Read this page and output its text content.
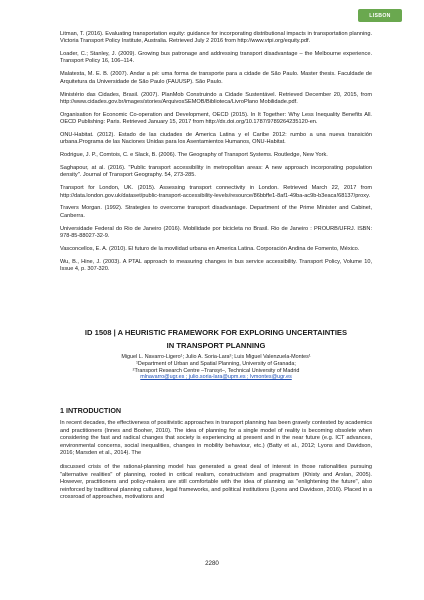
LISBON

Litman, T. (2016). Evaluating transportation equity: guidance for incorporating distributional impacts in transportation planning. Victoria Transport Policy Institute, Australia. Retrieved July 2 2016 from http://www.vtpi.org/equity.pdf.

Loader, C.; Stanley, J. (2009). Growing bus patronage and addressing transport disadvantage – the Melbourne experience. Transport Policy 16, 106–114.

Malatesta, M. E. B. (2007). Andar a pé: uma forma de transporte para a cidade de São Paulo. Master thesis. Faculdade de Arquitetura da Universidade de São Paulo (FAUUSP). São Paulo.

Ministério das Cidades, Brasil. (2007). PlanMob Construindo a Cidade Sustentável. Retrieved December 20, 2015, from http://www.cidades.gov.br/images/stories/ArquivosSEMOB/Biblioteca/LivroPlano Mobilidade.pdf.

Organisation for Economic Co-operation and Development, OECD (2015). In It Together: Why Less Inequality Benefits All. OECD Publishing: Paris. Retrieved January 15, 2017 from http://dx.doi.org/10.1787/9789264235120-en.

ONU-Habitat. (2012). Estado de las ciudades de America Latina y el Caribe 2012: rumbo a una nueva transición urbana.Programa de las Naciones Unidas para los Asentamientos Humanos, ONU-Habitat.

Rodrigue, J. P., Comtois, C. e Slack, B. (2006). The Geography of Transport Systems. Routledge, New York.

Saghapour, at al. (2016). "Public transport accessibility in metropolitan areas: A new approach incorporating population density". Journal of Transport Geography. 54, 273-285.

Transport for London, UK. (2015). Assessing transport connectivity in London. Retrieved March 22, 2017 from http://data.london.gov.uk/dataset/public-transport-accessibility-levels/resource/86bbffe1-8af1-49ba-ac9b-b3eaca!68137/proxy.

Travers Morgan. (1992). Strategies to overcome transport disadvantage. Department of the Prime Minister and Cabinet, Canberra.

Universidade Federal do Rio de Janeiro (2016). Mobilidade por bicicleta no Brasil. Rio de Janeiro : PROURB/UFRJ. ISBN: 978-85-88027-32-9.

Vasconcellos, E. A. (2010). El futuro de la movilidad urbana en America Latina. Corporación Andina de Fomento, México.

Wu, B., Hine, J. (2003). A PTAL approach to measuring changes in bus service accessibility. Transport Policy, Volume 10, Issue 4, p. 307-320.

ID 1508 | A HEURISTIC FRAMEWORK FOR EXPLORING UNCERTAINTIES
IN TRANSPORT PLANNING
Miguel L. Navarro-Ligero¹; Julio A. Soria-Lara²; Luis Miguel Valenzuela-Montes¹
¹Department of Urban and Spatial Planning, University of Granada;
²Transport Research Centre –Transyt–, Technical University of Madrid
mlnavarro@ugr.es ; julio.soria-lara@upm.es ; lvmontes@ugr.es
1 INTRODUCTION

In recent decades, the effectiveness of positivistic approaches in transport planning has been gravely contested by academics and practitioners (Innes and Booher, 2010). The idea of planning for a single model of reality is becoming obsolete when considering the fast and radical changes that society is experiencing at present and in the near future (e.g. ICT advances, environmental concerns, social inequalities, changes in mobility behaviour, etc.) (Batty et al., 2012; Lyons and Davidson, 2016; Marsden et al., 2014). The

discussed crisis of the rational-planning model has generated a great deal of interest in those rationalities pursuing "alternative realities" of planning, rooted in critical realism, constructivism and pragmatism (Khisty and Arslan, 2005). However, practitioners and policy-makers are still comfortable with the idea of planning as "enlightening the future", also reinforced by traditional planning cultures, legal frameworks, and political institutions (Lyons and Davidson, 2016). Placed in a crossroad of approaches, motivations and

2280
